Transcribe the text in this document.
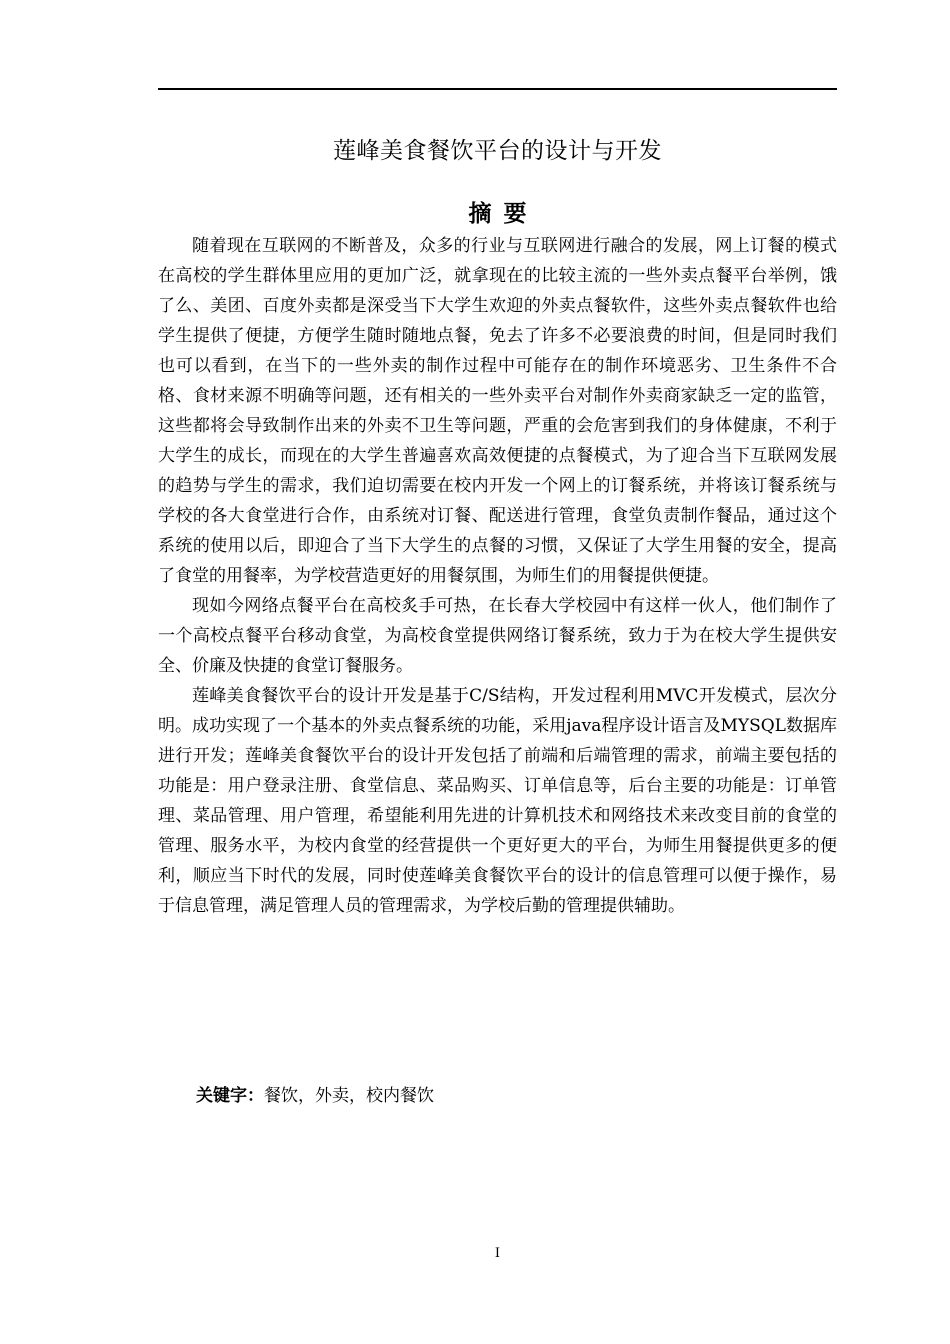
莲峰美食餐饮平台的设计与开发
摘要

随着现在互联网的不断普及，众多的行业与互联网进行融合的发展，网上订餐的模式在高校的学生群体里应用的更加广泛，就拿现在的比较主流的一些外卖点餐平台举例，饿了么、美团、百度外卖都是深受当下大学生欢迎的外卖点餐软件，这些外卖点餐软件也给学生提供了便捷，方便学生随时随地点餐，免去了许多不必要浪费的时间，但是同时我们也可以看到，在当下的一些外卖的制作过程中可能存在的制作环境恶劣、卫生条件不合格、食材来源不明确等问题，还有相关的一些外卖平台对制作外卖商家缺乏一定的监管，这些都将会导致制作出来的外卖不卫生等问题，严重的会危害到我们的身体健康，不利于大学生的成长，而现在的大学生普遍喜欢高效便捷的点餐模式，为了迎合当下互联网发展的趋势与学生的需求，我们迫切需要在校内开发一个网上的订餐系统，并将该订餐系统与学校的各大食堂进行合作，由系统对订餐、配送进行管理，食堂负责制作餐品，通过这个系统的使用以后，即迎合了当下大学生的点餐的习惯，又保证了大学生用餐的安全，提高了食堂的用餐率，为学校营造更好的用餐氛围，为师生们的用餐提供便捷。

现如今网络点餐平台在高校炙手可热，在长春大学校园中有这样一伙人，他们制作了一个高校点餐平台移动食堂，为高校食堂提供网络订餐系统，致力于为在校大学生提供安全、价廉及快捷的食堂订餐服务。

莲峰美食餐饮平台的设计开发是基于C/S结构，开发过程利用MVC开发模式，层次分明。成功实现了一个基本的外卖点餐系统的功能，采用java程序设计语言及MYSQL数据库进行开发；莲峰美食餐饮平台的设计开发包括了前端和后端管理的需求，前端主要包括的功能是：用户登录注册、食堂信息、菜品购买、订单信息等，后台主要的功能是：订单管理、菜品管理、用户管理，希望能利用先进的计算机技术和网络技术来改变目前的食堂的管理、服务水平，为校内食堂的经营提供一个更好更大的平台，为师生用餐提供更多的便利，顺应当下时代的发展，同时使莲峰美食餐饮平台的设计的信息管理可以便于操作，易于信息管理，满足管理人员的管理需求，为学校后勤的管理提供辅助。

关键字：餐饮，外卖，校内餐饮
I
